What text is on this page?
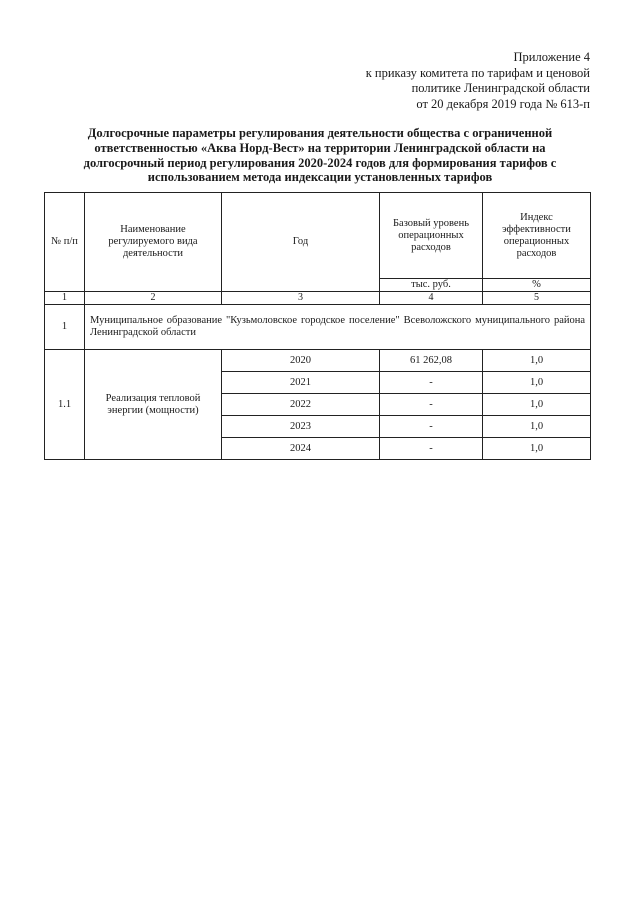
Приложение 4
к приказу комитета по тарифам и ценовой
политике Ленинградской области
от 20 декабря 2019 года № 613-п
Долгосрочные параметры регулирования деятельности общества с ограниченной
ответственностью «Аква Норд-Вест» на территории Ленинградской области на
долгосрочный период регулирования 2020-2024 годов для формирования тарифов с
использованием метода индексации установленных тарифов
№ п/п	Наименование регулируемого вида деятельности	Год	Базовый уровень операционных расходов	Индекс эффективности операционных расходов
			тыс. руб.	%
1	2	3	4	5
1	Муниципальное образование "Кузьмоловское городское поселение" Всеволожского муниципального района Ленинградской области			
1.1	Реализация тепловой энергии (мощности)	2020	61 262,08	1,0
		2021	-	1,0
		2022	-	1,0
		2023	-	1,0
		2024	-	1,0
